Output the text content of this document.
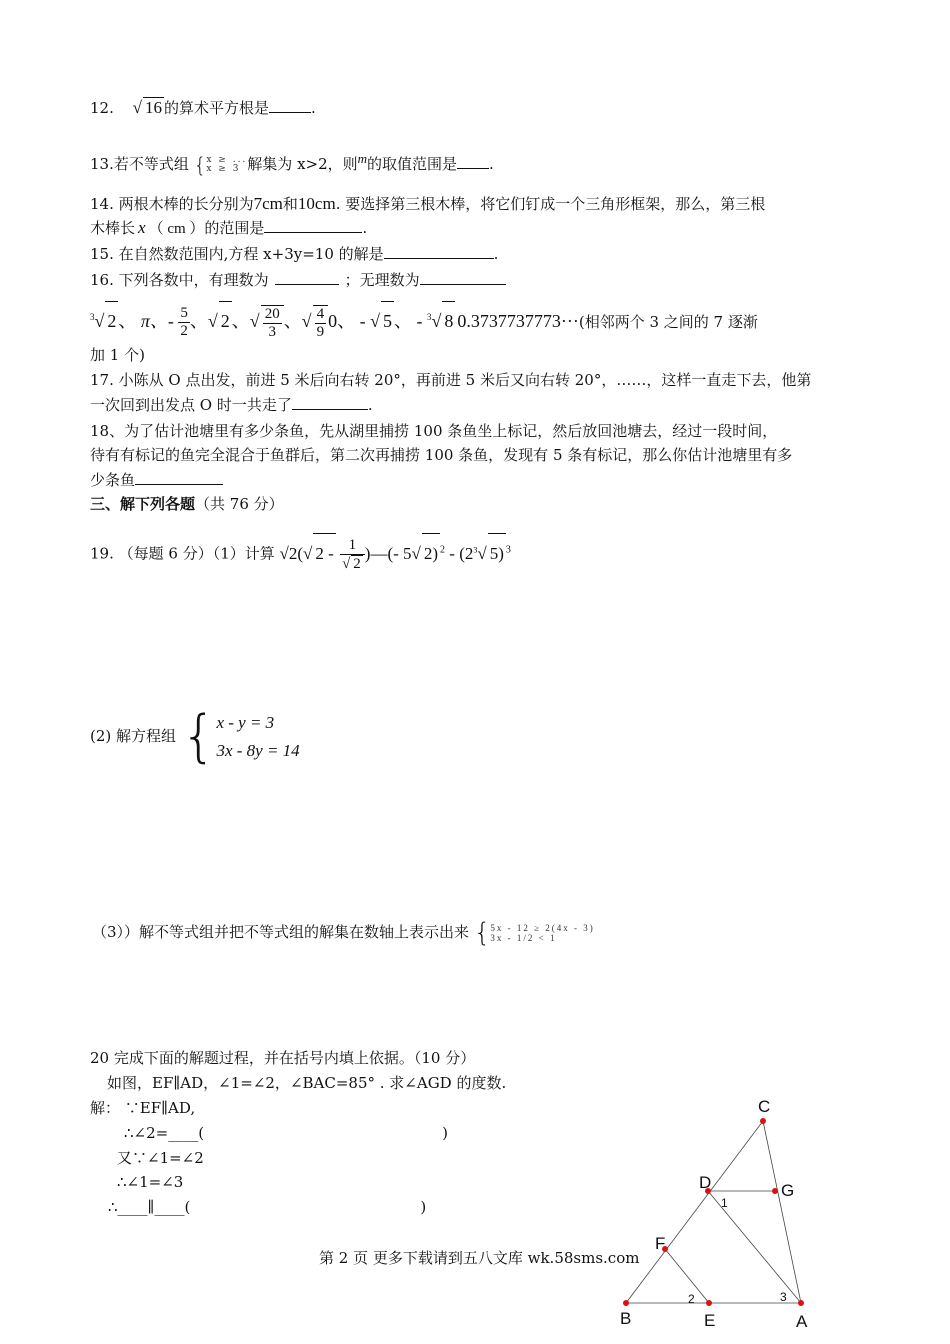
12. √ 16 的算术平方根是	.
13.若不等式组 { x ≥ ...
x ≥ 3 解集为 x>2，则m的取值范围是 .
14. 两根木棒的长分别为7cm和10cm. 要选择第三根木棒，将它们钉成一个三角形框架，那么，第三根
木棒长 x （ cm ）的范围是	.
15. 在自然数范围内,方程 x+3y=10 的解是	.
16. 下列各数中，有理数为	；无理数为
$^3$√ 2 、 π、- $\frac{5}{2}$ 、√ 2 、√ $\frac{20}{3}$ 、√ $\frac{4}{9} 0$、 - √ 5 、 - $^3$√ 8 0.3737737773···(相邻两个 3 之间的 7 逐渐
加 1 个)
17. 小陈从 O 点出发，前进 5 米后向右转 20°，再前进 5 米后又向右转 20°，……，这样一直走下去，他第
一次回到出发点 O 时一共走了	.
18、为了估计池塘里有多少条鱼，先从湖里捕捞 100 条鱼坐上标记，然后放回池塘去，经过一段时间，
待有有标记的鱼完全混合于鱼群后，第二次再捕捞 100 条鱼，发现有 5 条有标记，那么你估计池塘里有多
少条鱼
三、解下列各题（共 76 分）
19. （每题 6 分）（1）计算 √2(√ $2 - \frac{1}{√ 2}$ )—(- 5√ 2) $^2 - (2^3√$ 5) $^3$
(2) 解方程组 { x - y = 3
3x - 8y = 14
（3））解不等式组并把不等式组的解集在数轴上表示出来 { 5x - 12 ≥ 2(4x - 3)
3x - 1/2 < 1
20 完成下面的解题过程，并在括号内填上依据。（10 分）
如图，EF∥AD，∠1=∠2，∠BAC=85° . 求∠AGD 的度数.
解： ∵EF∥AD,
∴∠2=____(	)
又∵∠1=∠2
∴∠1=∠3
∴____∥____(	)
第 2 页 更多下载请到五八文库 wk.58sms.com
C
D	G
F
B	E	A
1
2	3
